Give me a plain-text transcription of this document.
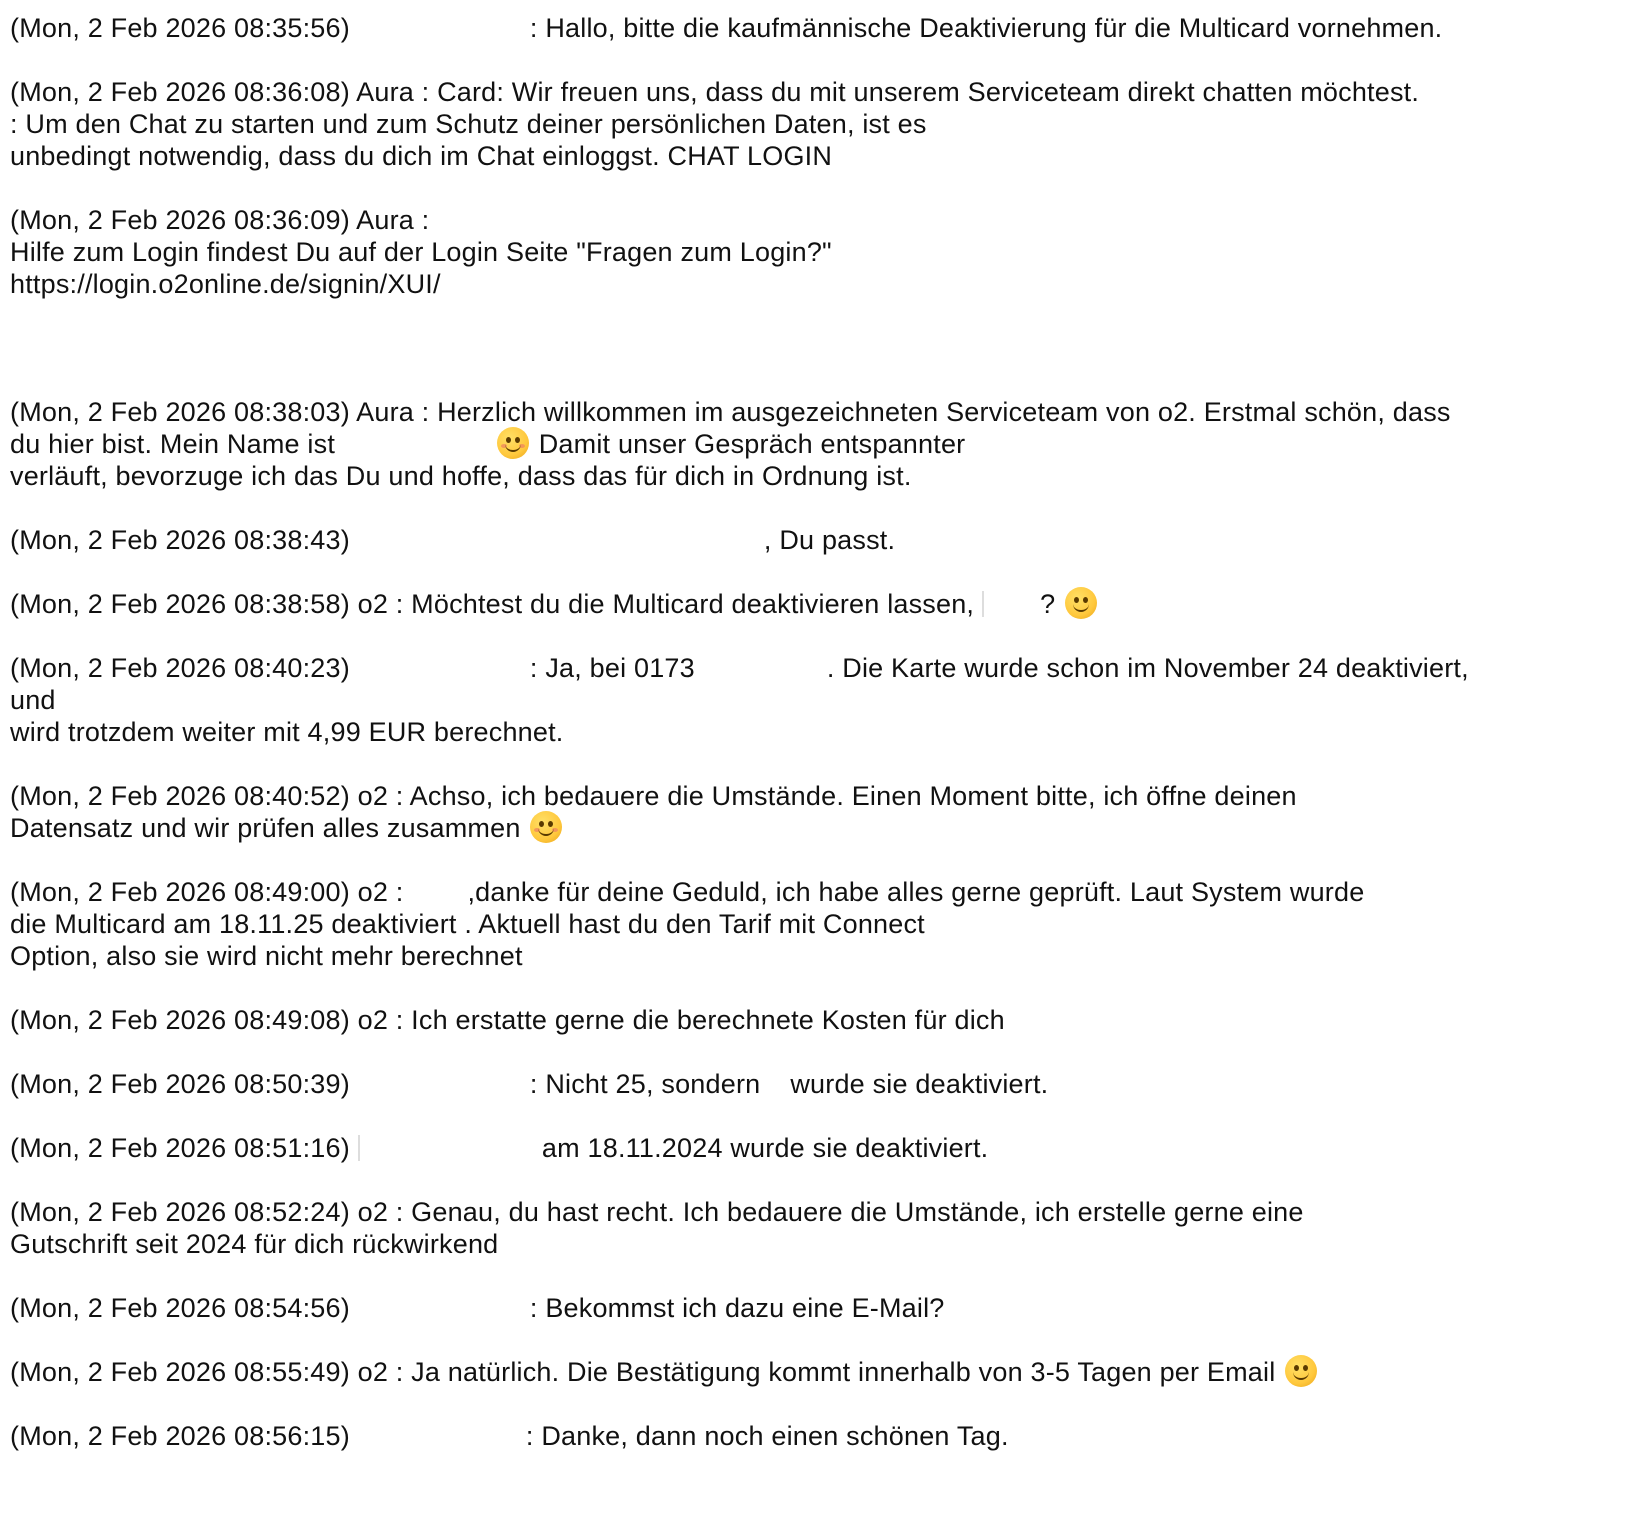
(Mon, 2 Feb 2026 08:35:56)	: Hallo, bitte die kaufmännische Deaktivierung für die Multicard vornehmen.
(Mon, 2 Feb 2026 08:36:08) Aura : Card: Wir freuen uns, dass du mit unserem Serviceteam direkt chatten möchtest.
: Um den Chat zu starten und zum Schutz deiner persönlichen Daten, ist es
unbedingt notwendig, dass du dich im Chat einloggst. CHAT LOGIN
(Mon, 2 Feb 2026 08:36:09) Aura :
Hilfe zum Login findest Du auf der Login Seite "Fragen zum Login?"
https://login.o2online.de/signin/XUI/
(Mon, 2 Feb 2026 08:38:03) Aura : Herzlich willkommen im ausgezeichneten Serviceteam von o2. Erstmal schön, dass
du hier bist. Mein Name ist	Damit unser Gespräch entspannter
verläuft, bevorzuge ich das Du und hoffe, dass das für dich in Ordnung ist.
(Mon, 2 Feb 2026 08:38:43)	, Du passt.
(Mon, 2 Feb 2026 08:38:58) o2 : Möchtest du die Multicard deaktivieren lassen, ?
(Mon, 2 Feb 2026 08:40:23)	: Ja, bei 0173	. Die Karte wurde schon im November 24 deaktiviert,
und
wird trotzdem weiter mit 4,99 EUR berechnet.
(Mon, 2 Feb 2026 08:40:52) o2 : Achso, ich bedauere die Umstände. Einen Moment bitte, ich öffne deinen
Datensatz und wir prüfen alles zusammen
(Mon, 2 Feb 2026 08:49:00) o2 : ,danke für deine Geduld, ich habe alles gerne geprüft. Laut System wurde
die Multicard am 18.11.25 deaktiviert . Aktuell hast du den Tarif mit Connect
Option, also sie wird nicht mehr berechnet
(Mon, 2 Feb 2026 08:49:08) o2 : Ich erstatte gerne die berechnete Kosten für dich
(Mon, 2 Feb 2026 08:50:39)	: Nicht 25, sondern wurde sie deaktiviert.
(Mon, 2 Feb 2026 08:51:16)	am 18.11.2024 wurde sie deaktiviert.
(Mon, 2 Feb 2026 08:52:24) o2 : Genau, du hast recht. Ich bedauere die Umstände, ich erstelle gerne eine
Gutschrift seit 2024 für dich rückwirkend
(Mon, 2 Feb 2026 08:54:56)	: Bekommst ich dazu eine E-Mail?
(Mon, 2 Feb 2026 08:55:49) o2 : Ja natürlich. Die Bestätigung kommt innerhalb von 3-5 Tagen per Email
(Mon, 2 Feb 2026 08:56:15)	: Danke, dann noch einen schönen Tag.
